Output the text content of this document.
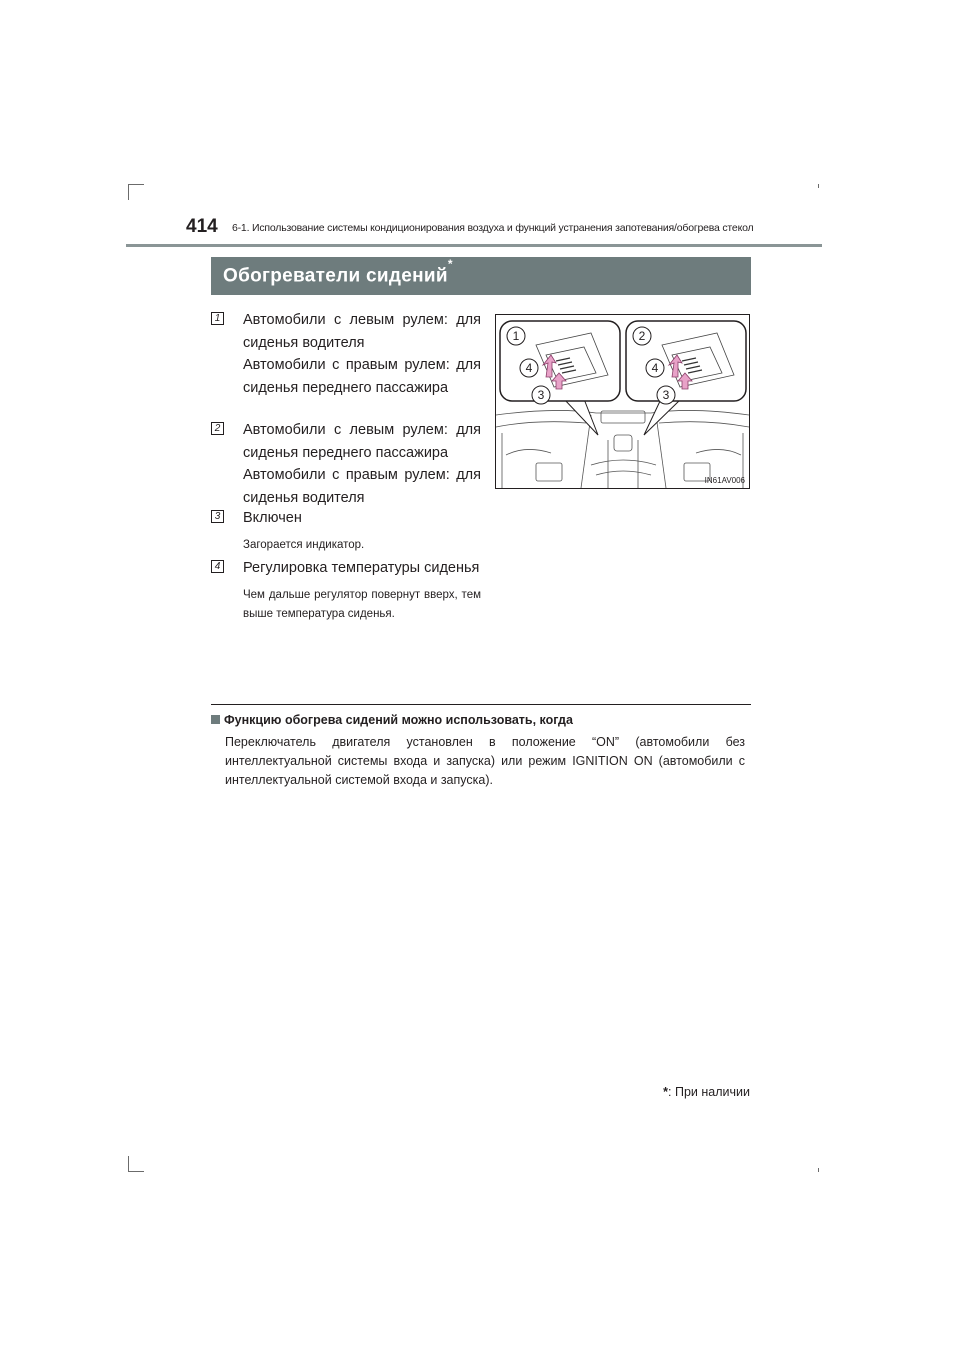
414 6-1. Использование системы кондиционирования воздуха и функций устранения запотевания/обогрева стекол
Обогреватели сидений*
1 Автомобили с левым рулем: для сиденья водителя
Автомобили с правым рулем: для сиденья переднего пассажира
2 Автомобили с левым рулем: для сиденья переднего пассажира
Автомобили с правым рулем: для сиденья водителя
3 Включен
Загорается индикатор.
4 Регулировка температуры сиденья
Чем дальше регулятор повернут вверх, тем выше температура сиденья.
1
4
3
2
4
3
IN61AV006
Функцию обогрева сидений можно использовать, когда
Переключатель двигателя установлен в положение “ON” (автомобили без интеллектуальной системы входа и запуска) или режим IGNITION ON (автомобили с интеллектуальной системой входа и запуска).
*: При наличии
